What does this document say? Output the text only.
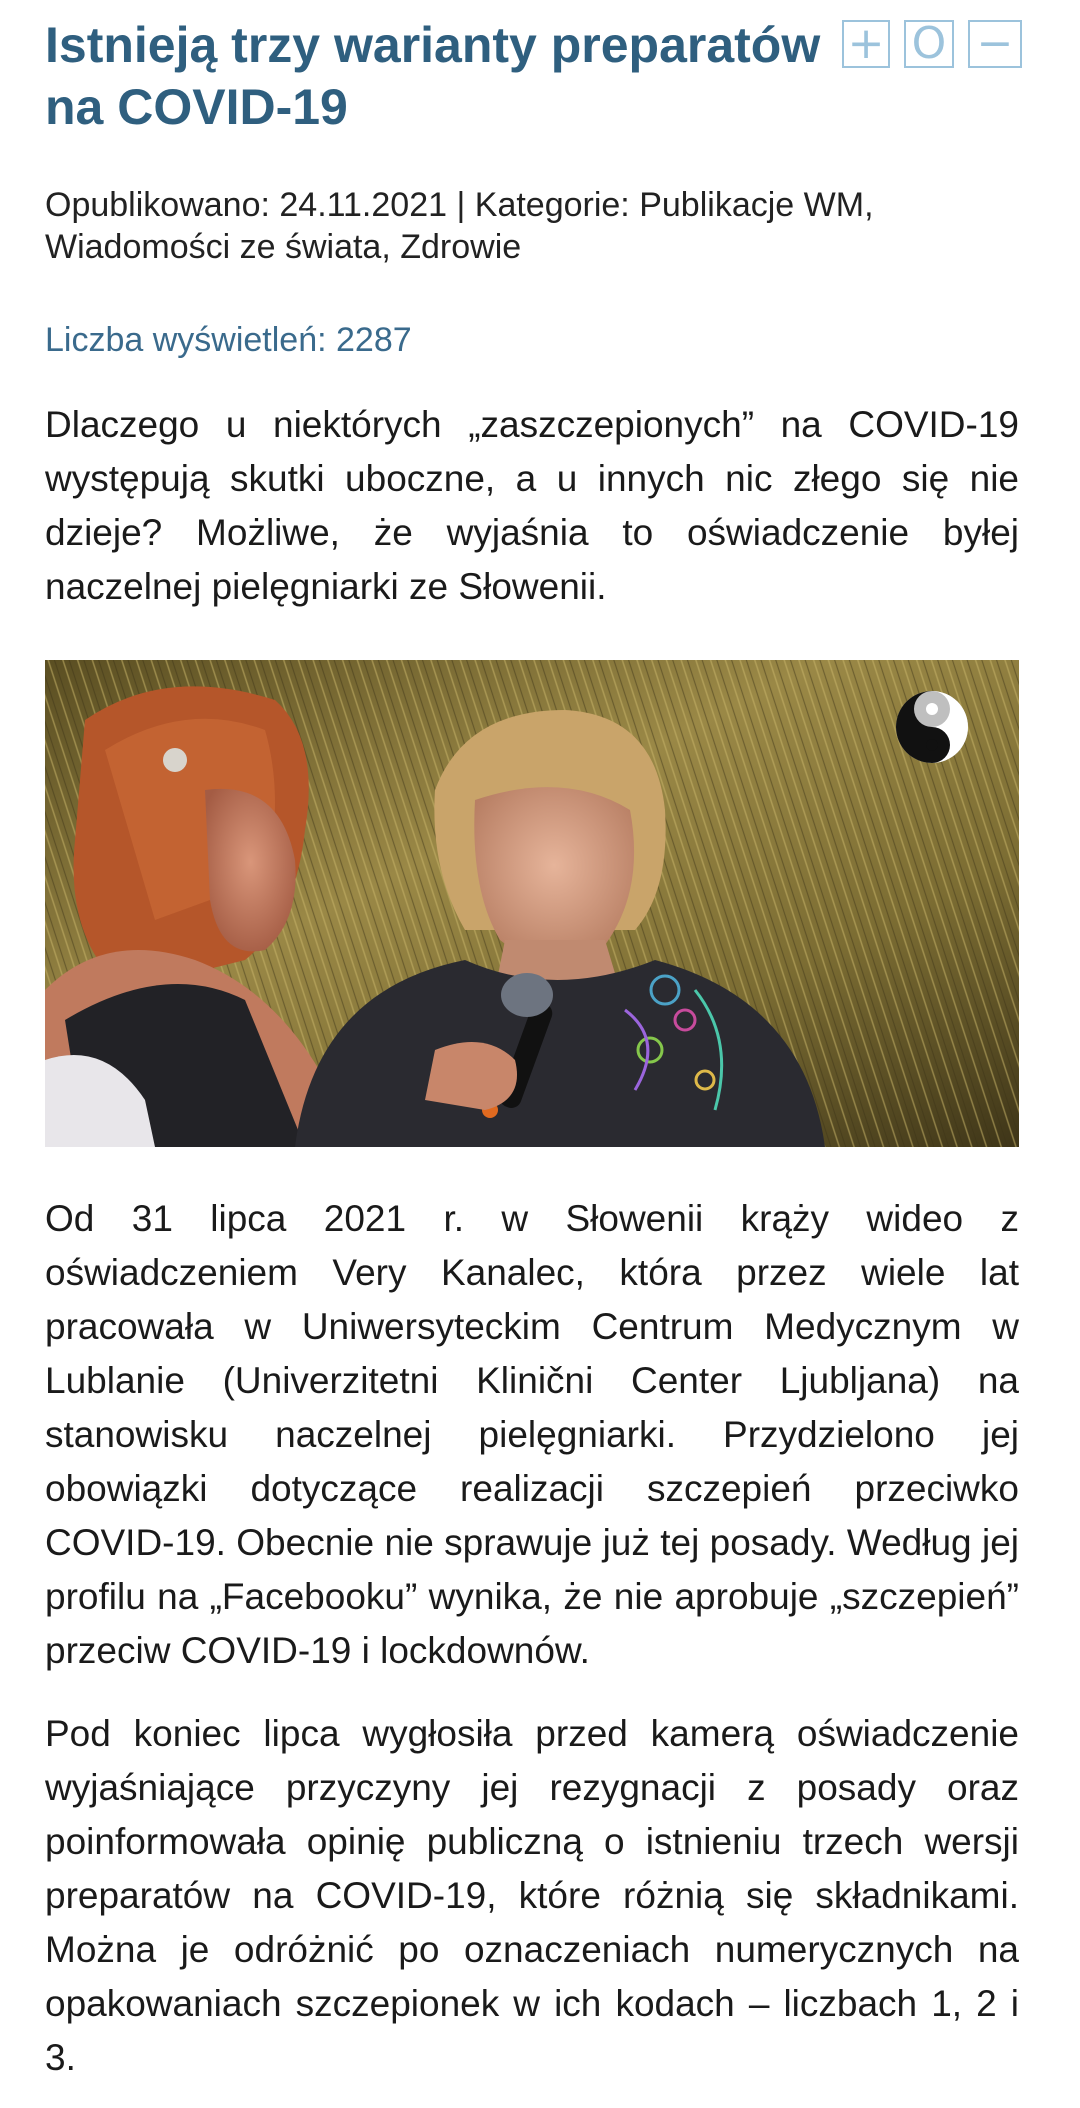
Istnieją trzy warianty preparatów na COVID-19
+ O −
Opublikowano: 24.11.2021 | Kategorie: Publikacje WM, Wiadomości ze świata, Zdrowie
Liczba wyświetleń: 2287

Dlaczego u niektórych „zaszczepionych” na COVID-19 występują skutki uboczne, a u innych nic złego się nie dzieje? Możliwe, że wyjaśnia to oświadczenie byłej naczelnej pielęgniarki ze Słowenii.

Od 31 lipca 2021 r. w Słowenii krąży wideo z oświadczeniem Very Kanalec, która przez wiele lat pracowała w Uniwersyteckim Centrum Medycznym w Lublanie (Univerzitetni Klinični Center Ljubljana) na stanowisku naczelnej pielęgniarki. Przydzielono jej obowiązki dotyczące realizacji szczepień przeciwko COVID-19. Obecnie nie sprawuje już tej posady. Według jej profilu na „Facebooku” wynika, że nie aprobuje „szczepień” przeciw COVID-19 i lockdownów.

Pod koniec lipca wygłosiła przed kamerą oświadczenie wyjaśniające przyczyny jej rezygnacji z posady oraz poinformowała opinię publiczną o istnieniu trzech wersji preparatów na COVID-19, które różnią się składnikami. Można je odróżnić po oznaczeniach numerycznych na opakowaniach szczepionek w ich kodach – liczbach 1, 2 i 3.
